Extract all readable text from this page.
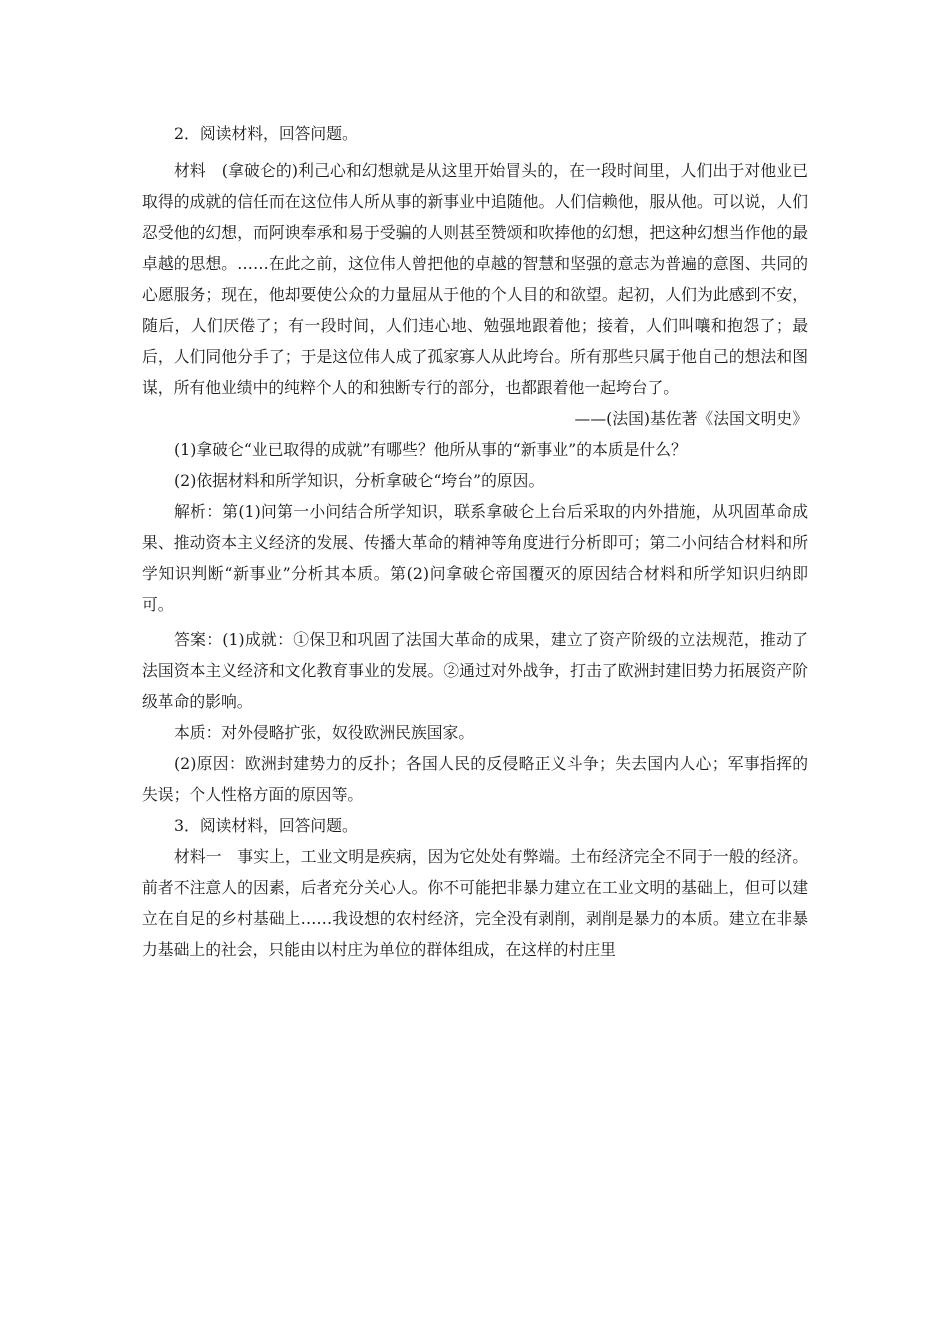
2．阅读材料，回答问题。

材料　(拿破仑的)利己心和幻想就是从这里开始冒头的，在一段时间里，人们出于对他业已取得的成就的信任而在这位伟人所从事的新事业中追随他。人们信赖他，服从他。可以说，人们忍受他的幻想，而阿谀奉承和易于受骗的人则甚至赞颂和吹捧他的幻想，把这种幻想当作他的最卓越的思想。……在此之前，这位伟人曾把他的卓越的智慧和坚强的意志为普遍的意图、共同的心愿服务；现在，他却要使公众的力量屈从于他的个人目的和欲望。起初，人们为此感到不安，随后，人们厌倦了；有一段时间，人们违心地、勉强地跟着他；接着，人们叫嚷和抱怨了；最后，人们同他分手了；于是这位伟人成了孤家寡人从此垮台。所有那些只属于他自己的想法和图谋，所有他业绩中的纯粹个人的和独断专行的部分，也都跟着他一起垮台了。

——(法国)基佐著《法国文明史》

(1)拿破仑“业已取得的成就”有哪些？他所从事的“新事业”的本质是什么？

(2)依据材料和所学知识，分析拿破仑“垮台”的原因。

解析：第(1)问第一小问结合所学知识，联系拿破仑上台后采取的内外措施，从巩固革命成果、推动资本主义经济的发展、传播大革命的精神等角度进行分析即可；第二小问结合材料和所学知识判断“新事业”分析其本质。第(2)问拿破仑帝国覆灭的原因结合材料和所学知识归纳即可。

答案：(1)成就：①保卫和巩固了法国大革命的成果，建立了资产阶级的立法规范，推动了法国资本主义经济和文化教育事业的发展。②通过对外战争，打击了欧洲封建旧势力拓展资产阶级革命的影响。

本质：对外侵略扩张，奴役欧洲民族国家。

(2)原因：欧洲封建势力的反扑；各国人民的反侵略正义斗争；失去国内人心；军事指挥的失误；个人性格方面的原因等。

3．阅读材料，回答问题。

材料一　事实上，工业文明是疾病，因为它处处有弊端。土布经济完全不同于一般的经济。前者不注意人的因素，后者充分关心人。你不可能把非暴力建立在工业文明的基础上，但可以建立在自足的乡村基础上……我设想的农村经济，完全没有剥削，剥削是暴力的本质。建立在非暴力基础上的社会，只能由以村庄为单位的群体组成，在这样的村庄里
